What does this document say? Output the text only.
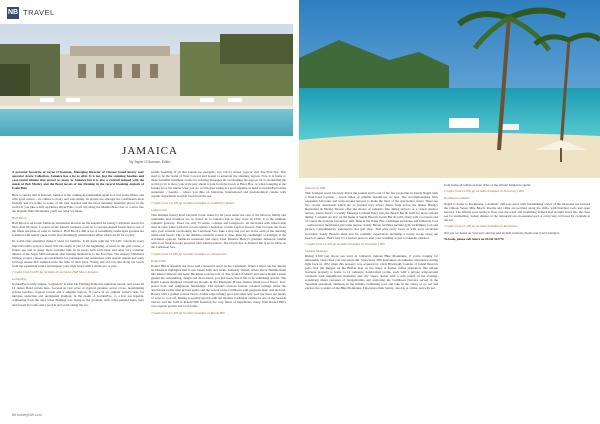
NB TRAVEL
JAMAICA
By Jayne O'Gorman, Editor

A personal favourite of Jayne O'Gorman, Managing Director of Chester based luxury tour operator Azure Collection, Jamaica has a lot to offer. It is not just the stunning beaches and year-round climate that attract us many to Jamaica but it is also a cocktail infused with the music of Bob Marley and the Bond novels of Ian Fleming in the record breaking exploits of Usain Bolt.

Here a country that is beloved, Jamaica is the coming-in-fashionable again as it was in the fifties, and with good reason – its culture is lively and welcoming, its people are amongst the Caribbean's most friendly and it's home to some of the best beaches and the most naturally beautiful places in the world. If you take a drift up Dunn's River Falls, a raft trip along the Martha Brae river or a drive into the majestic Blue Mountains you'll see what we mean.

Half Moon

Half Moon is an iconic Jamaican destination that has set the standard for luxury Caribbean resorts for more than 60 years. Located on the island's northern coast on a crescent-shaped beach that is one of the finest stretches of sand in Jamaica. Half Moon's 400 acres of beautifully landscaped gardens are scattered with luxury guest rooms and charmingly whitewashed villas which are fit for royalty.

Its world-class amenities make it ideal for families. It all starts with the Y.U.I.P.I. Check-In every important little person a resort that has really is part of the beginning. A resort in the golf course, a fitness spa and so many more versatile time in its resort with such relax and relax very romantic dinners at the Sugar Mill restaurant after treating themselves to the Fern Spa. The Anancy Children's Village, project classes, spa treatments for youngsters and restaurants with special menus and early servings ensure that children have the time of their lives. Young and old can ride along the beach from the equestrian centre and impress your back board with a tennis pro or play.

7 nights from £1,855 pp includes all-inclusive Half Moon Jamaica

GoldenEye

GoldenEye is truly unique. 'Legendary' is what Ian Fleming made this Jamaican retreat, and wrote all 14 James Bond novels here. Located in vast acres of tropical gardens, secret coves, breathtaking private beaches, tropical forests and a singular lagoon. If you're in an original writer's taste for intrigue, seduction and undisputed glamour, in the realm of GoldenEye, to a few are legends, originating from the days when Fleming was living in the grounds, with ochre-painted steps, here and forests in rooms and a pool in and overlooking the sea.

paddle boarding. If all that sounds too energetic, you can try sunset yoga or visit The Fern Spa. This used to be the home of Noel Coward and hosted to entertain the stunning lagoon. Now it is home to these beautiful treatment rooms for relaxing massages all overlooking the lagoon. Or if snorkelling the world go by is more your style stay ahead to join from the beach at Bizot Bay, or when lounging at the feature pool. No matter what you do, world-class eating is a good appetite as head to GoldenEye's main restaurant – Gazebo – where you dine on Jamaican, international and gastronomical cuisine with organic ingredients and fish fresh from the sea.

7 nights from £2,470 pp includes breakfast at GoldenEye Resort

Jamaica Inn

This intimate luxury hotel has held iconic status for 60 years under the care of the Morrow family and celebrities and travellers are as drawn as to Jamaica Inn as they were in 1950. It is the ultimate romantic getaway. There are only 55 suites, cottages and bungalows, all decorated with impeccable taste in crisp white with rich woods against a backdrop of lush tropical flowers. You can tuck the doors onto your veranda overlooking the Caribbean Sea. Take a step and you are in the sand of the dazzling white-sand beach. This is the ultimate romantic retreat to dine. Dine by candlelight or starlight at the acclaimed open-air Jamaican restaurant and enjoy Chef Maurice Henry's gourmet Jamaican cuisine with local fresh flavours prepared with island produce. The Ocean Spa at Jamaica Inn is set in villas on the Caribbean Sea.

7 nights from £2,085 pp includes breakfast at Jamaica Inn

Round Hill

Round Hill is arguably the most well-connected resort in the Caribbean. When a hotel can list among its historical highlights that it was where John and Jackie Kennedy visited, where Oscar Hammerstein met Marie Osmond and Gene Hackman took the role of 'The Sound of Music' and where Ralph Lauren guided the remodelling, design and decorations, you just know that it has to be something special. The Ralph Lauren-designed Oceanfront Rooms in the Pineapple House feature white-wood floors, four-poster beds and sumptuous furnishings. The upstairs terraces feature colonial ceilings while the downstairs rooms offer private patios and the waters of the Caribbean with gorgeous deep reds and teal. Breezy with a golden private beach, double edge infinity pool and adult-only pool bar there are plenty of ways to cool off. Dining is equally special with the modern Caribbean cuisine in one of the Seaside Terrace and the Grill at Round Hill featuring the very finest of ingredients, many from Round Hill's own organic garden and local farms.

7 nights from £2,470 pp includes breakfast at Round Hill

Strawberry Hill

This boutique resort has truly thrive the sounds and is one of the few properties in trendy Negril with a head-hotel location – seven miles of pristine beachfront, no less. The accommodations have expansive balconies and wrap-around terraces to make the most of the spectacular views. There are two on-site restaurants which are so popular they attract diners from across the island. Hungry Restaurant & Dining Terrace offer the choice of romantic fine dining indoors or a casual outdoor terrace, where there's a weekly Massage Cocktail Party plus the Beach Bar & Grill for more relaxed dining. Cocktails are also on the menu at Sandy Haven's beach Bar & Grill, along with cool beers and of course the national favourites: rum. Dine in the Water Bar, Caribbean and Asian and Jamaican food – some terrace mentioned and some terrace. Sandy Haven facilities include gym, swimming pool and picnics, complimentary watersports and golf shop. That plus every room as with local excursion providers. Sandy Haven's main and for romantic experiences including a lovely set-up along the beach at sunset. That's why it's a perfect place to start your wedding or just to rekindle romance.

7 nights from £1,395 pp includes breakfast at Strawberry Hill

Sandals Montego

Rising 3,100 feet above sea level in Jamaica's famous Blue Mountains, if you're looking for unbeatable views then you can stand still. Strawberry Hill guarantees an authentic experience during right back in 1972 when this property was acquired by Chris Blackwell, founder of Island Records (who first put Reggae on the British map on the map). A former coffee plantation, this unique boutique property is home to 12 romantic, handcrafted rooms, each with a private wrap-around verandah with magnificent mountain and city views. Relax with a rum punch in the evening, wandering under canopies of bougainvillea and exploring the Caribbean flavours served in the Verandah restaurant. Immerse in the infinity swimming pool and take in the views or go out and explore the wonders of the Blue Mountains. Experience their luxury, one day at a time, and why not.

from home all within an hour drive of the vibrant Kingston capital.

7 nights from £1,830 pp includes breakfast at Strawberry Hill

Rockhouse Jamaica

Negril is home to Rockhouse, a dramatic cliff-top resort with breathtaking views of the turquoise sea beyond the famous Seven Mile Beach. Rooms and villas are perched along the cliffs, with thatched roofs and open terraces. The infinity pool seems to float over the water and swimming ladders lead straight down into the clear sea for snorkelling. Sunset dinners at the restaurant are an essential part of every stay, followed by cocktails at the bar.

7 nights from £1,290 pp includes breakfast at Rockhouse

Tell you we based on 3 persons sharing and include economy flights and resort transfers.

To book, please call Azure on 01244 322770

66 societyNW.com
